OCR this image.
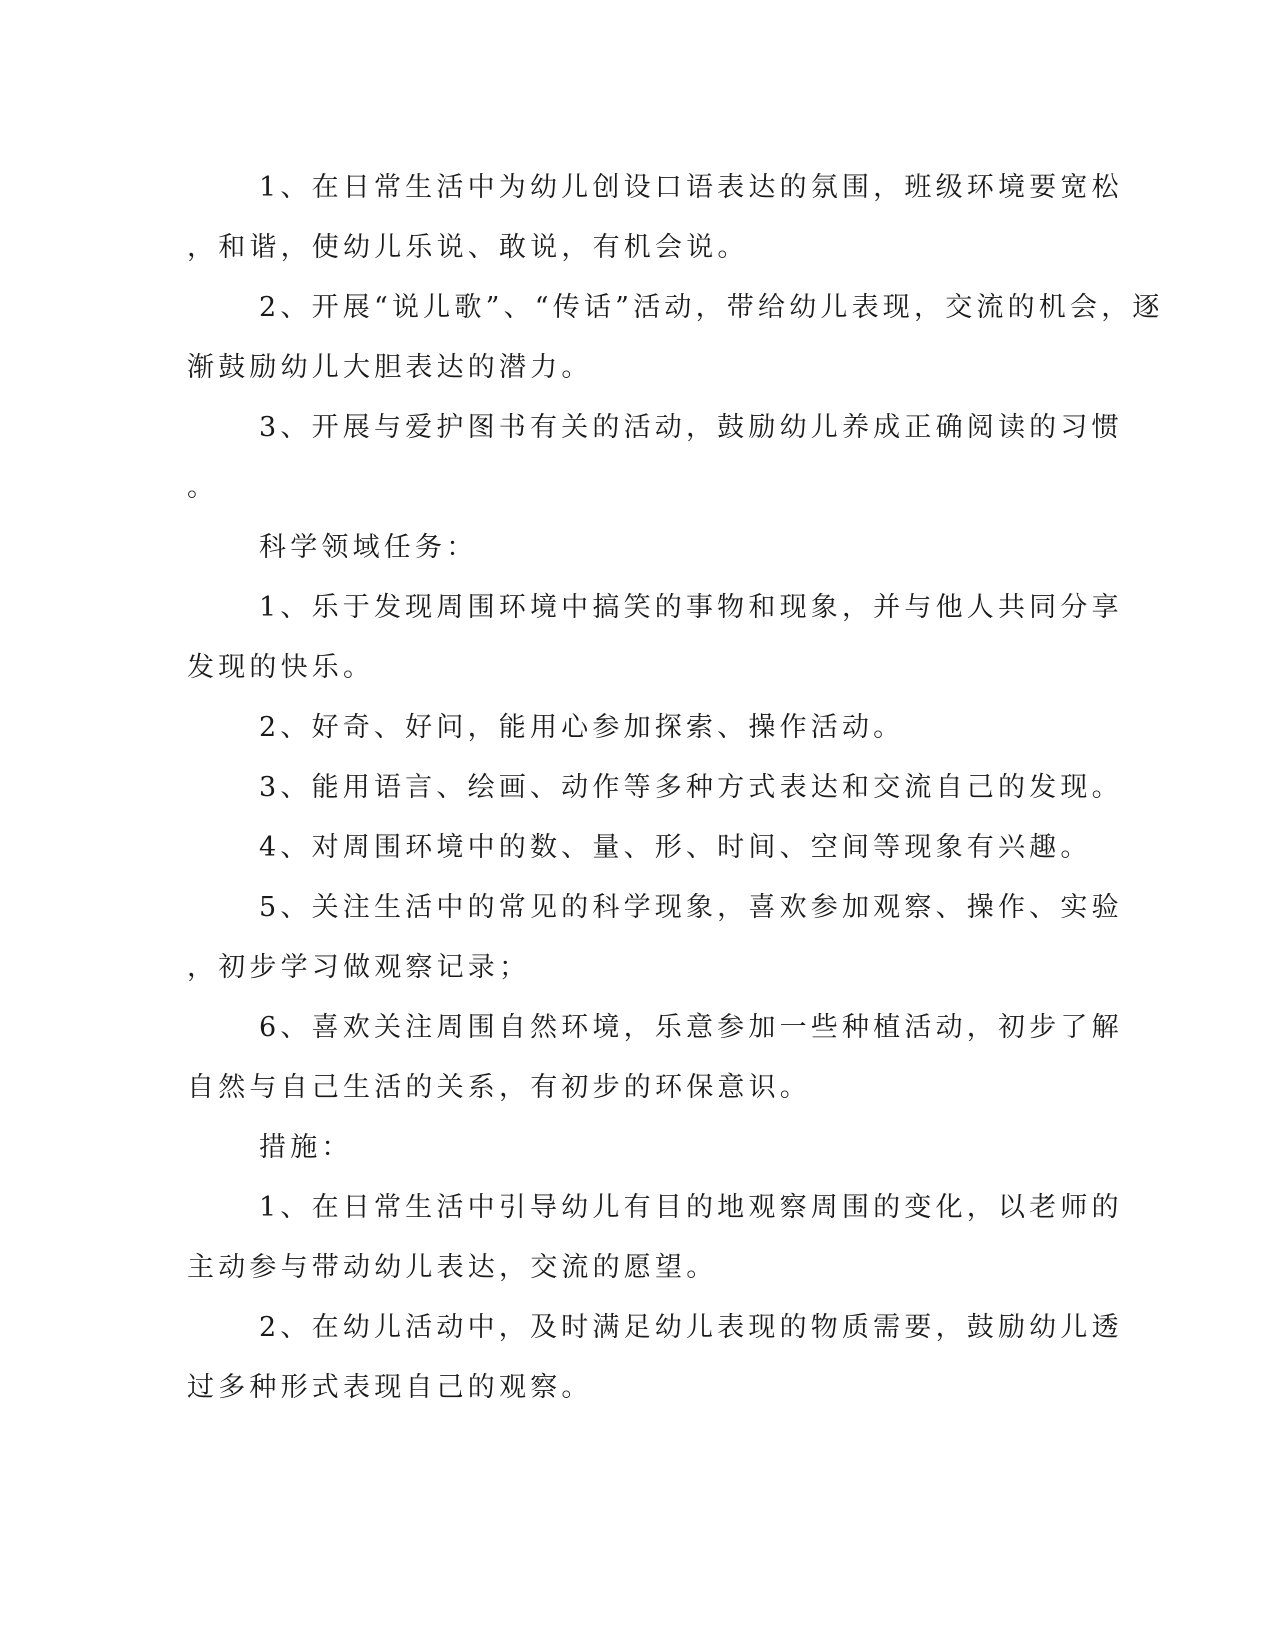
1、在日常生活中为幼儿创设口语表达的氛围，班级环境要宽松
，和谐，使幼儿乐说、敢说，有机会说。
2、开展“说儿歌”、“传话”活动，带给幼儿表现，交流的机会，逐
渐鼓励幼儿大胆表达的潜力。
3、开展与爱护图书有关的活动，鼓励幼儿养成正确阅读的习惯
。
科学领域任务：
1、乐于发现周围环境中搞笑的事物和现象，并与他人共同分享
发现的快乐。
2、好奇、好问，能用心参加探索、操作活动。
3、能用语言、绘画、动作等多种方式表达和交流自己的发现。
4、对周围环境中的数、量、形、时间、空间等现象有兴趣。
5、关注生活中的常见的科学现象，喜欢参加观察、操作、实验
，初步学习做观察记录；
6、喜欢关注周围自然环境，乐意参加一些种植活动，初步了解
自然与自己生活的关系，有初步的环保意识。
措施：
1、在日常生活中引导幼儿有目的地观察周围的变化，以老师的
主动参与带动幼儿表达，交流的愿望。
2、在幼儿活动中，及时满足幼儿表现的物质需要，鼓励幼儿透
过多种形式表现自己的观察。
